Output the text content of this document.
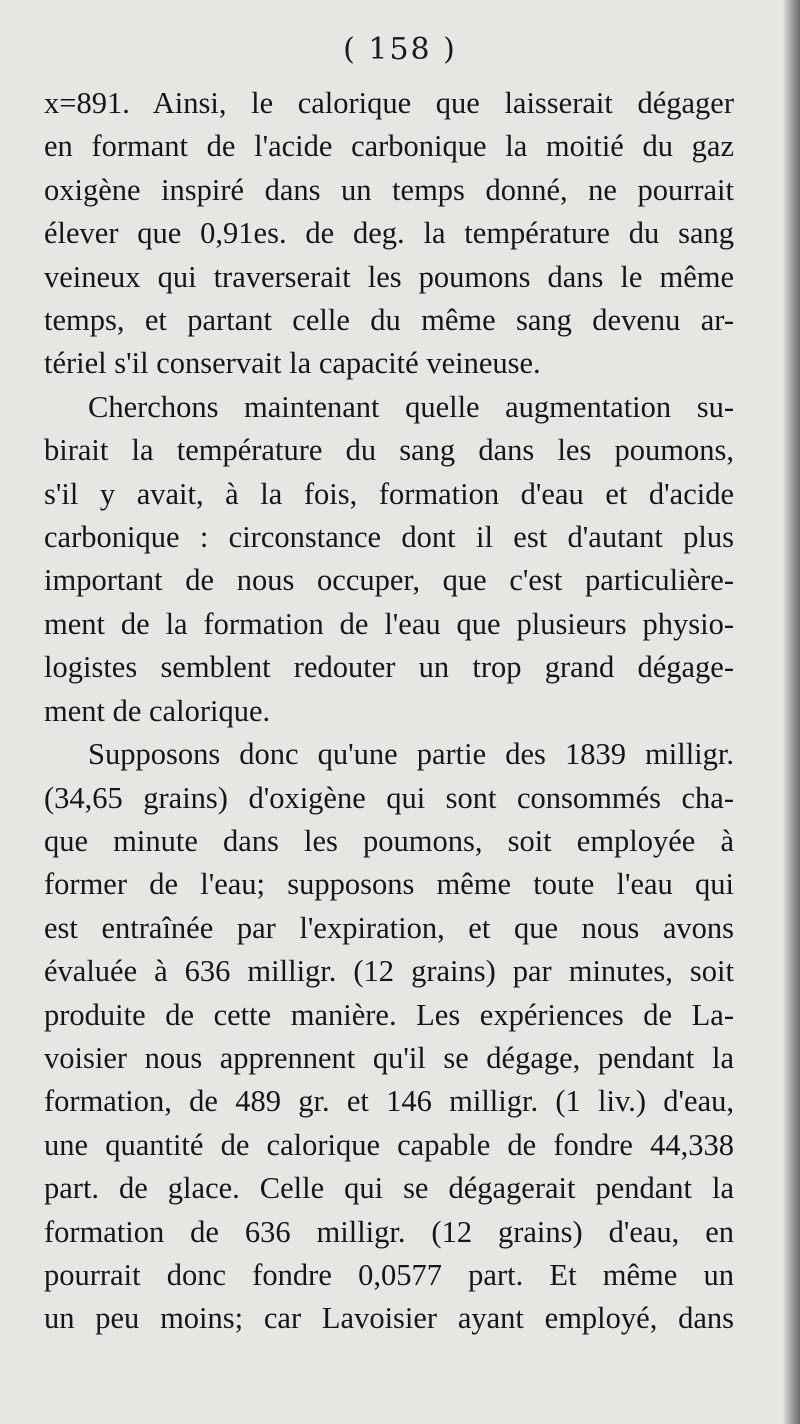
( 158 )
x=891. Ainsi, le calorique que laisserait dégager
en formant de l'acide carbonique la moitié du gaz
oxigène inspiré dans un temps donné, ne pourrait
élever que 0,91es. de deg. la température du sang
veineux qui traverserait les poumons dans le même
temps, et partant celle du même sang devenu ar-
tériel s'il conservait la capacité veineuse.
Cherchons maintenant quelle augmentation su-
birait la température du sang dans les poumons,
s'il y avait, à la fois, formation d'eau et d'acide
carbonique : circonstance dont il est d'autant plus
important de nous occuper, que c'est particulière-
ment de la formation de l'eau que plusieurs physio-
logistes semblent redouter un trop grand dégage-
ment de calorique.
Supposons donc qu'une partie des 1839 milligr.
(34,65 grains) d'oxigène qui sont consommés cha-
que minute dans les poumons, soit employée à
former de l'eau; supposons même toute l'eau qui
est entraînée par l'expiration, et que nous avons
évaluée à 636 milligr. (12 grains) par minutes, soit
produite de cette manière. Les expériences de La-
voisier nous apprennent qu'il se dégage, pendant la
formation, de 489 gr. et 146 milligr. (1 liv.) d'eau,
une quantité de calorique capable de fondre 44,338
part. de glace. Celle qui se dégagerait pendant la
formation de 636 milligr. (12 grains) d'eau, en
pourrait donc fondre 0,0577 part. Et même un
un peu moins; car Lavoisier ayant employé, dans
